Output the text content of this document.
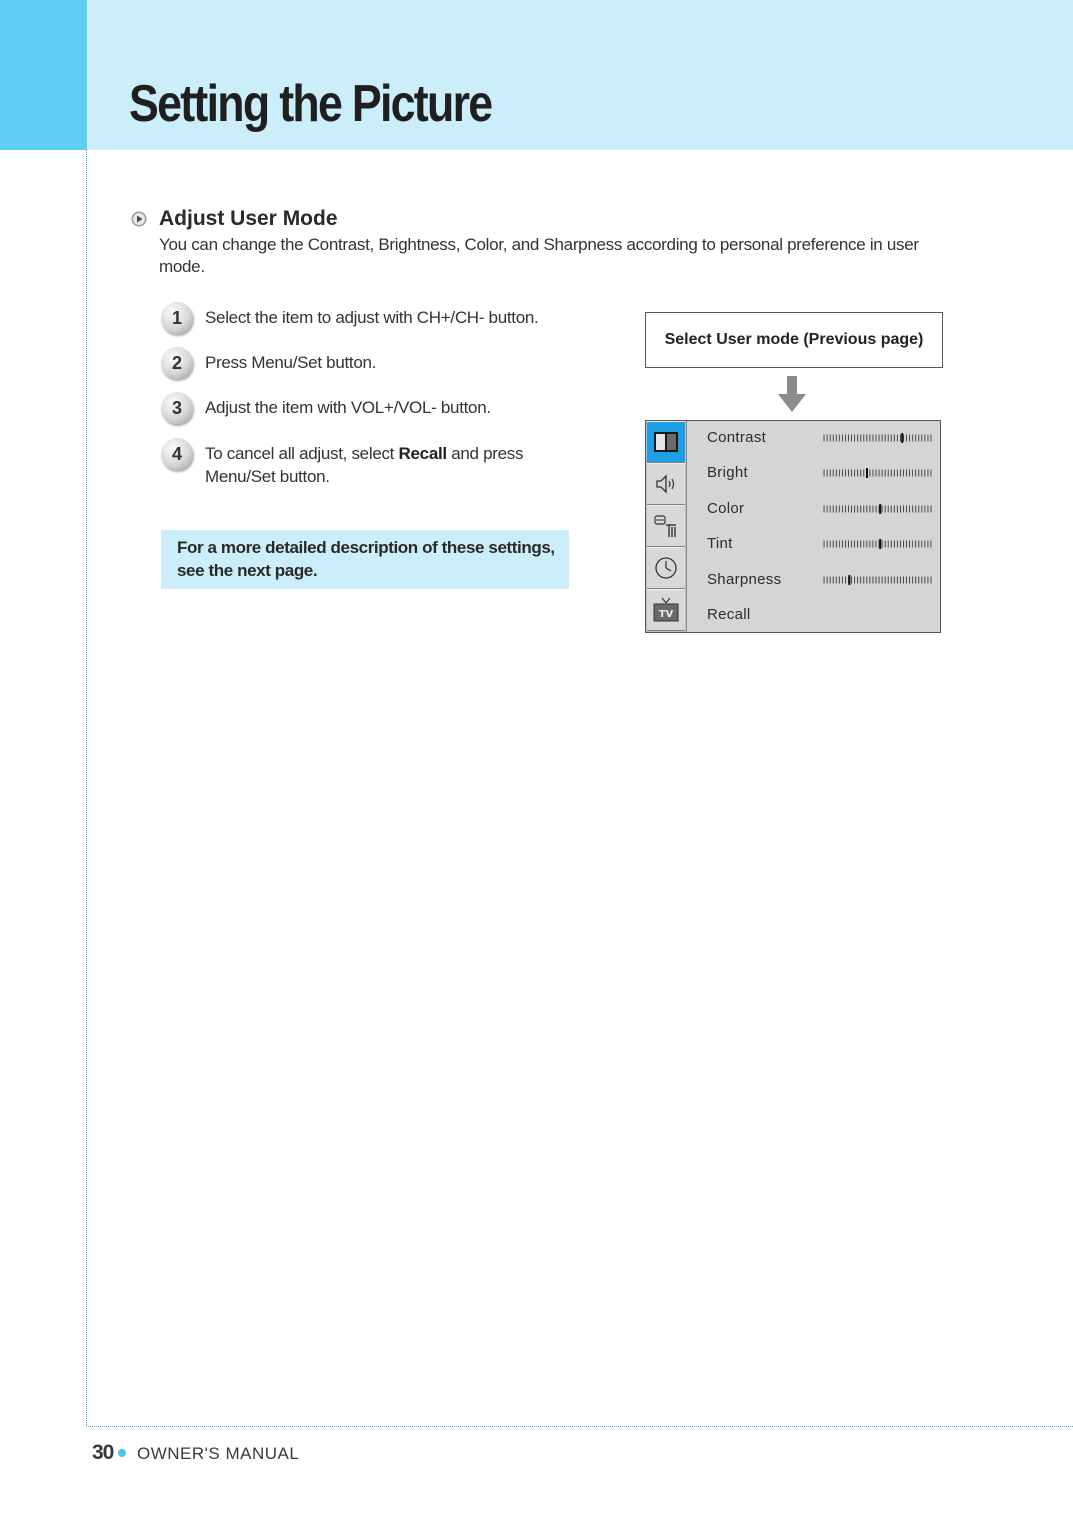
Setting the Picture
Adjust User Mode

You can change the Contrast, Brightness, Color, and Sharpness according to personal preference in user mode.

1	Select the item to adjust with CH+/CH- button.
2	Press Menu/Set button.
3	Adjust the item with VOL+/VOL- button.
4	To cancel all adjust, select Recall and press Menu/Set button.
For a more detailed description of these settings, see the next page.
Select User mode (Previous page)
TV
Contrast
Bright
Color
Tint
Sharpness
Recall
30 OWNER'S MANUAL
